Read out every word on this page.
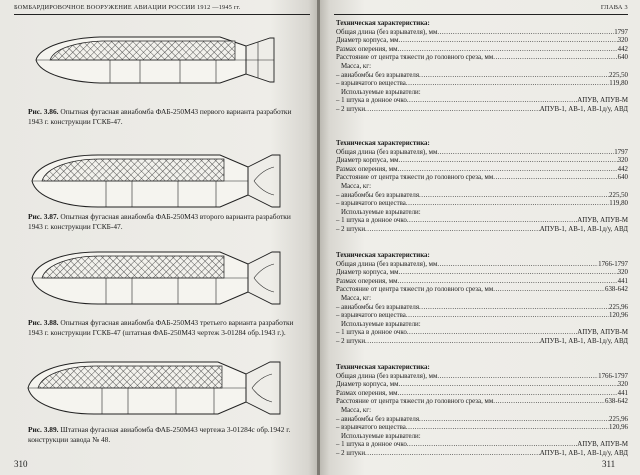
БОМБАРДИРОВОЧНОЕ ВООРУЖЕНИЕ АВИАЦИИ РОССИИ 1912 —1945 гг.
Рис. 3.86. Опытная фугасная авиабомба ФАБ-250М43 первого варианта разработки 1943 г. конструкции ГСКБ-47.
Рис. 3.87. Опытная фугасная авиабомба ФАБ-250М43 второго варианта разработки 1943 г. конструкции ГСКБ-47.
Рис. 3.88. Опытная фугасная авиабомба ФАБ-250М43 третьего варианта разработки 1943 г. конструкции ГСКБ-47 (штатная ФАБ-250М43 чертеж 3-01284 обр.1943 г.).
Рис. 3.89. Штатная фугасная авиабомба ФАБ-250М43 чертежа 3-01284с обр.1942 г. конструкции завода № 48.
310
ГЛАВА 3
Техническая характеристика:
Общая длина (без взрывателя), мм .....	1797
Диаметр корпуса, мм .....	320
Размах оперения, мм .....	442
Расстояние от центра тяжести до головного среза, мм .....	640
Масса, кг:
– авиабомбы без взрывателя .....	225,50
– взрывчатого вещества .....	119,80
Используемые взрыватели:
– 1 штука в донное очко .....	АПУВ, АПУВ-М
– 2 штуки .....	АПУВ-1, АВ-1, АВ-1д/у, АВД
Техническая характеристика:
Общая длина (без взрывателя), мм .....	1797
Диаметр корпуса, мм .....	320
Размах оперения, мм .....	442
Расстояние от центра тяжести до головного среза, мм .....	640
Масса, кг:
– авиабомбы без взрывателя .....	225,50
– взрывчатого вещества .....	119,80
Используемые взрыватели:
– 1 штука в донное очко .....	АПУВ, АПУВ-М
– 2 штуки .....	АПУВ-1, АВ-1, АВ-1д/у, АВД
Техническая характеристика:
Общая длина (без взрывателя), мм .....	1766-1797
Диаметр корпуса, мм .....	320
Размах оперения, мм .....	441
Расстояние от центра тяжести до головного среза, мм .....	638-642
Масса, кг:
– авиабомбы без взрывателя .....	225,96
– взрывчатого вещества .....	120,96
Используемые взрыватели:
– 1 штука в донное очко .....	АПУВ, АПУВ-М
– 2 штуки .....	АПУВ-1, АВ-1, АВ-1д/у, АВД
Техническая характеристика:
Общая длина (без взрывателя), мм .....	1766-1797
Диаметр корпуса, мм .....	320
Размах оперения, мм .....	441
Расстояние от центра тяжести до головного среза, мм .....	638-642
Масса, кг:
– авиабомбы без взрывателя .....	225,96
– взрывчатого вещества .....	120,96
Используемые взрыватели:
– 1 штука в донное очко .....	АПУВ, АПУВ-М
– 2 штуки .....	АПУВ-1, АВ-1, АВ-1д/у, АВД
311
